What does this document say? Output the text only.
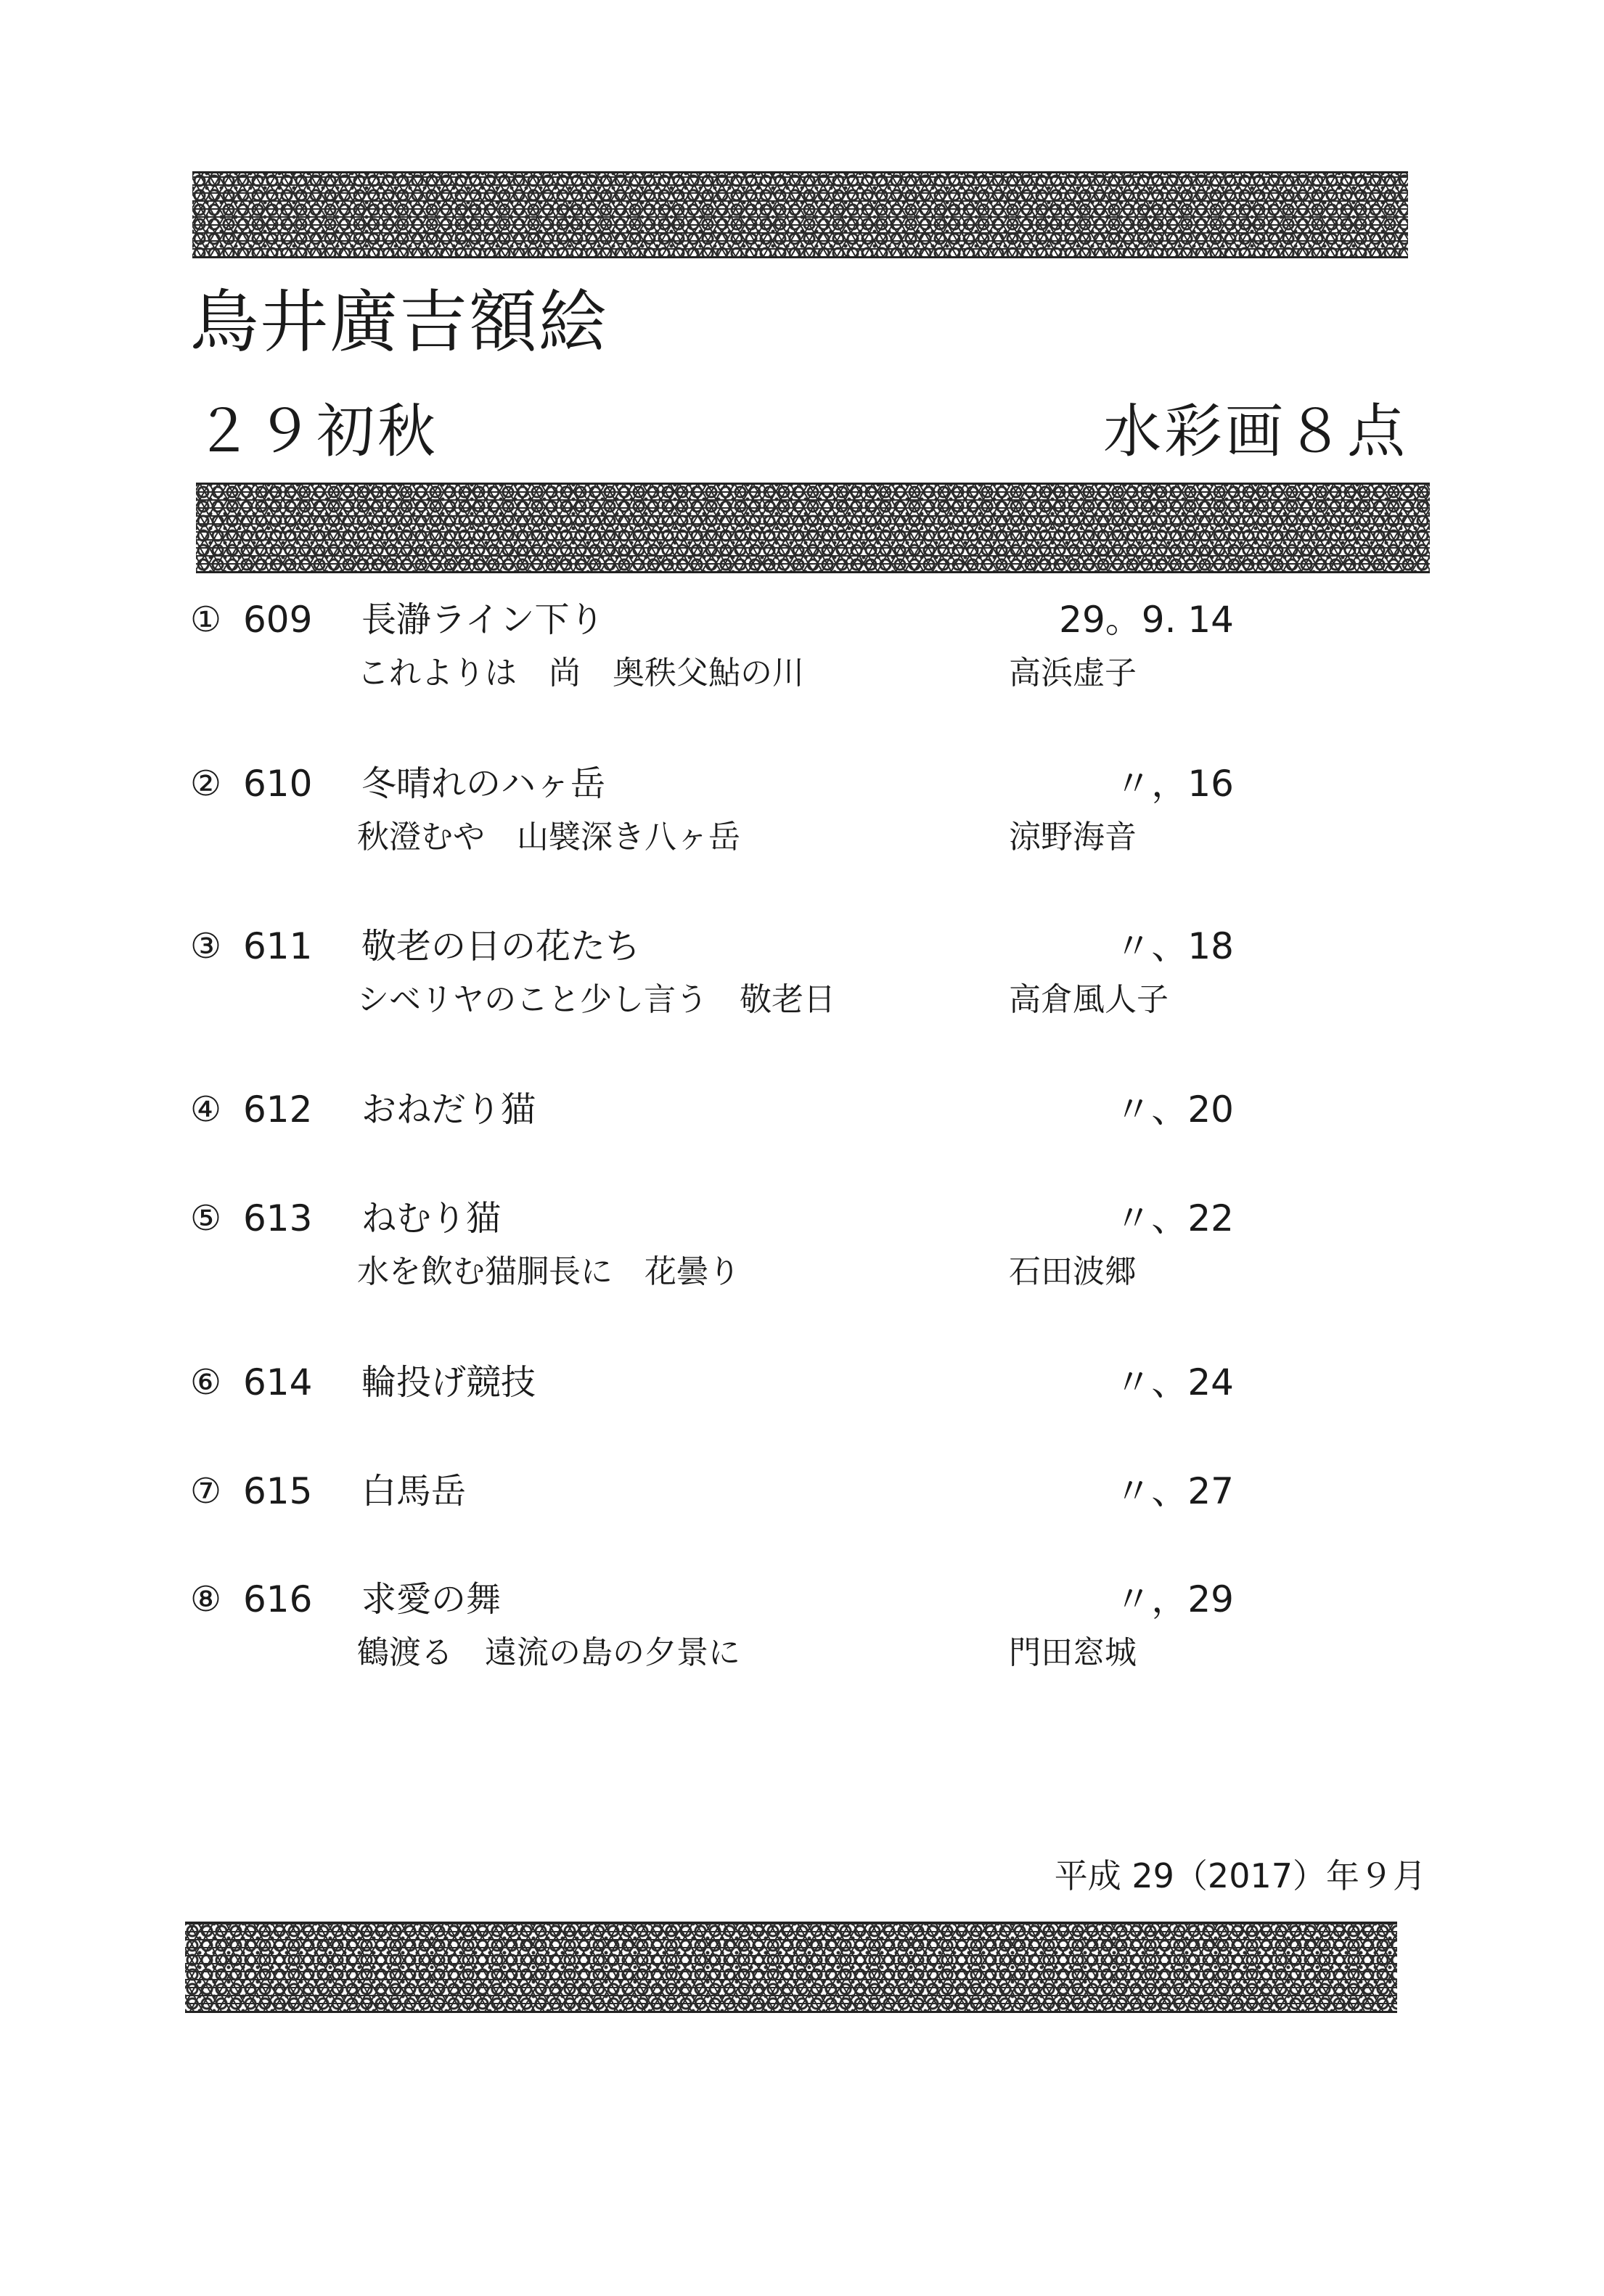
鳥井廣吉額絵
２９初秋	水彩画８点
① 609 長瀞ライン下り	29。9. 14
これよりは　尚　奥秩父鮎の川	高浜虚子
② 610 冬晴れのハヶ岳	〃，16
秋澄むや　山襞深き八ヶ岳	涼野海音
③ 611 敬老の日の花たち	〃、18
シベリヤのこと少し言う　敬老日	高倉風人子
④ 612 おねだり猫	〃、20
⑤ 613 ねむり猫	〃、22
水を飲む猫胴長に　花曇り	石田波郷
⑥ 614 輪投げ競技	〃、24
⑦ 615 白馬岳	〃、27
⑧ 616 求愛の舞	〃，29
鶴渡る　遠流の島の夕景に	門田窓城
平成 29（2017）年９月
